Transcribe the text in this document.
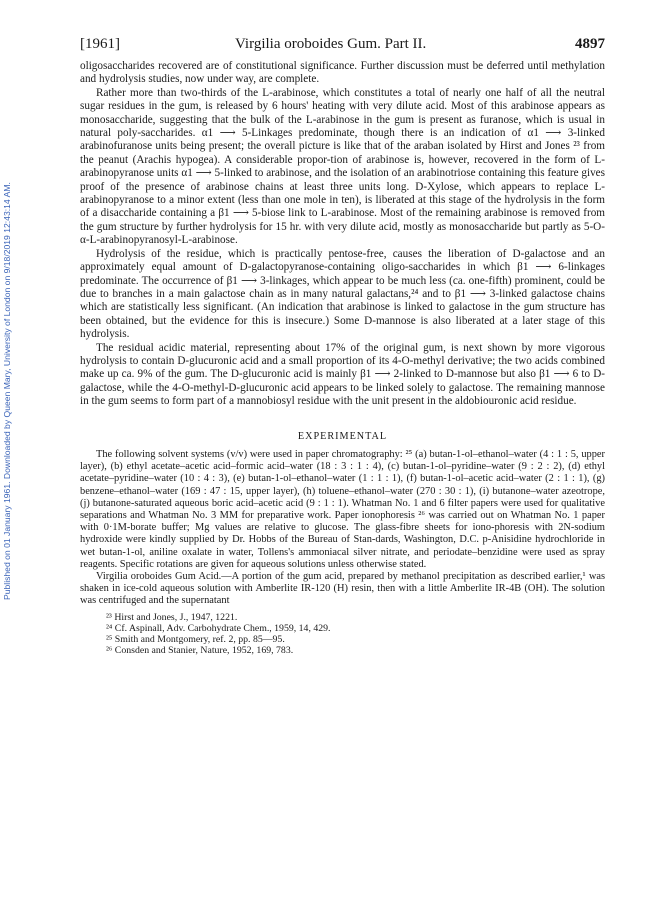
Published on 01 January 1961. Downloaded by Queen Mary, University of London on 9/18/2019 12:43:14 AM.
[1961]	Virgilia oroboides Gum. Part II.	4897

oligosaccharides recovered are of constitutional significance. Further discussion must be deferred until methylation and hydrolysis studies, now under way, are complete.

Rather more than two-thirds of the L-arabinose, which constitutes a total of nearly one half of all the neutral sugar residues in the gum, is released by 6 hours' heating with very dilute acid. Most of this arabinose appears as monosaccharide, suggesting that the bulk of the L-arabinose in the gum is present as furanose, which is usual in natural poly-saccharides. α1 ⟶ 5-Linkages predominate, though there is an indication of α1 ⟶ 3-linked arabinofuranose units being present; the overall picture is like that of the araban isolated by Hirst and Jones ²³ from the peanut (Arachis hypogea). A considerable propor-tion of arabinose is, however, recovered in the form of L-arabinopyranose units α1 ⟶ 5-linked to arabinose, and the isolation of an arabinotriose containing this feature gives proof of the presence of arabinose chains at least three units long. D-Xylose, which appears to replace L-arabinopyranose to a minor extent (less than one mole in ten), is liberated at this stage of the hydrolysis in the form of a disaccharide containing a β1 ⟶ 5-biose link to L-arabinose. Most of the remaining arabinose is removed from the gum structure by further hydrolysis for 15 hr. with very dilute acid, mostly as monosaccharide but partly as 5-O-α-L-arabinopyranosyl-L-arabinose.

Hydrolysis of the residue, which is practically pentose-free, causes the liberation of D-galactose and an approximately equal amount of D-galactopyranose-containing oligo-saccharides in which β1 ⟶ 6-linkages predominate. The occurrence of β1 ⟶ 3-linkages, which appear to be much less (ca. one-fifth) prominent, could be due to branches in a main galactose chain as in many natural galactans,²⁴ and to β1 ⟶ 3-linked galactose chains which are statistically less significant. (An indication that arabinose is linked to galactose in the gum structure has been obtained, but the evidence for this is insecure.) Some D-mannose is also liberated at a later stage of this hydrolysis.

The residual acidic material, representing about 17% of the original gum, is next shown by more vigorous hydrolysis to contain D-glucuronic acid and a small proportion of its 4-O-methyl derivative; the two acids combined make up ca. 9% of the gum. The D-glucuronic acid is mainly β1 ⟶ 2-linked to D-mannose but also β1 ⟶ 6 to D-galactose, while the 4-O-methyl-D-glucuronic acid appears to be linked solely to galactose. The remaining mannose in the gum seems to form part of a mannobiosyl residue with the unit present in the aldobiouronic acid residue.

EXPERIMENTAL

The following solvent systems (v/v) were used in paper chromatography: ²⁵ (a) butan-1-ol–ethanol–water (4 : 1 : 5, upper layer), (b) ethyl acetate–acetic acid–formic acid–water (18 : 3 : 1 : 4), (c) butan-1-ol–pyridine–water (9 : 2 : 2), (d) ethyl acetate–pyridine–water (10 : 4 : 3), (e) butan-1-ol–ethanol–water (1 : 1 : 1), (f) butan-1-ol–acetic acid–water (2 : 1 : 1), (g) benzene–ethanol–water (169 : 47 : 15, upper layer), (h) toluene–ethanol–water (270 : 30 : 1), (i) butanone–water azeotrope, (j) butanone-saturated aqueous boric acid–acetic acid (9 : 1 : 1). Whatman No. 1 and 6 filter papers were used for qualitative separations and Whatman No. 3 MM for preparative work. Paper ionophoresis ²⁶ was carried out on Whatman No. 1 paper with 0·1M-borate buffer; Mg values are relative to glucose. The glass-fibre sheets for iono-phoresis with 2N-sodium hydroxide were kindly supplied by Dr. Hobbs of the Bureau of Stan-dards, Washington, D.C. p-Anisidine hydrochloride in wet butan-1-ol, aniline oxalate in water, Tollens's ammoniacal silver nitrate, and periodate–benzidine were used as spray reagents. Specific rotations are given for aqueous solutions unless otherwise stated.

Virgilia oroboides Gum Acid.—A portion of the gum acid, prepared by methanol precipitation as described earlier,¹ was shaken in ice-cold aqueous solution with Amberlite IR-120 (H) resin, then with a little Amberlite IR-4B (OH). The solution was centrifuged and the supernatant

²³ Hirst and Jones, J., 1947, 1221.
²⁴ Cf. Aspinall, Adv. Carbohydrate Chem., 1959, 14, 429.
²⁵ Smith and Montgomery, ref. 2, pp. 85—95.
²⁶ Consden and Stanier, Nature, 1952, 169, 783.
